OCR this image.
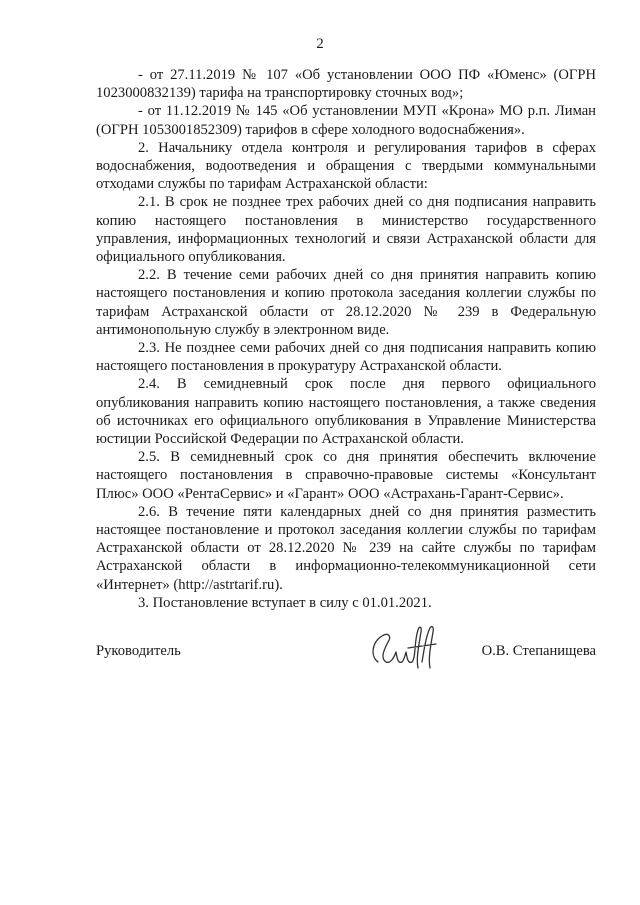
2

- от 27.11.2019 № 107 «Об установлении ООО ПФ «Юменс» (ОГРН 1023000832139) тарифа на транспортировку сточных вод»;

- от 11.12.2019 № 145 «Об установлении МУП «Крона» МО р.п. Лиман (ОГРН 1053001852309) тарифов в сфере холодного водоснабжения».

2. Начальнику отдела контроля и регулирования тарифов в сферах водоснабжения, водоотведения и обращения с твердыми коммунальными отходами службы по тарифам Астраханской области:

2.1. В срок не позднее трех рабочих дней со дня подписания направить копию настоящего постановления в министерство государственного управления, информационных технологий и связи Астраханской области для официального опубликования.

2.2. В течение семи рабочих дней со дня принятия направить копию настоящего постановления и копию протокола заседания коллегии службы по тарифам Астраханской области от 28.12.2020 № 239 в Федеральную антимонопольную службу в электронном виде.

2.3. Не позднее семи рабочих дней со дня подписания направить копию настоящего постановления в прокуратуру Астраханской области.

2.4. В семидневный срок после дня первого официального опубликования направить копию настоящего постановления, а также сведения об источниках его официального опубликования в Управление Министерства юстиции Российской Федерации по Астраханской области.

2.5. В семидневный срок со дня принятия обеспечить включение настоящего постановления в справочно-правовые системы «Консультант Плюс» ООО «РентаСервис» и «Гарант» ООО «Астрахань-Гарант-Сервис».

2.6. В течение пяти календарных дней со дня принятия разместить настоящее постановление и протокол заседания коллегии службы по тарифам Астраханской области от 28.12.2020 № 239 на сайте службы по тарифам Астраханской области в информационно-телекоммуникационной сети «Интернет» (http://astrtarif.ru).

3. Постановление вступает в силу с 01.01.2021.

Руководитель	О.В. Степанищева
